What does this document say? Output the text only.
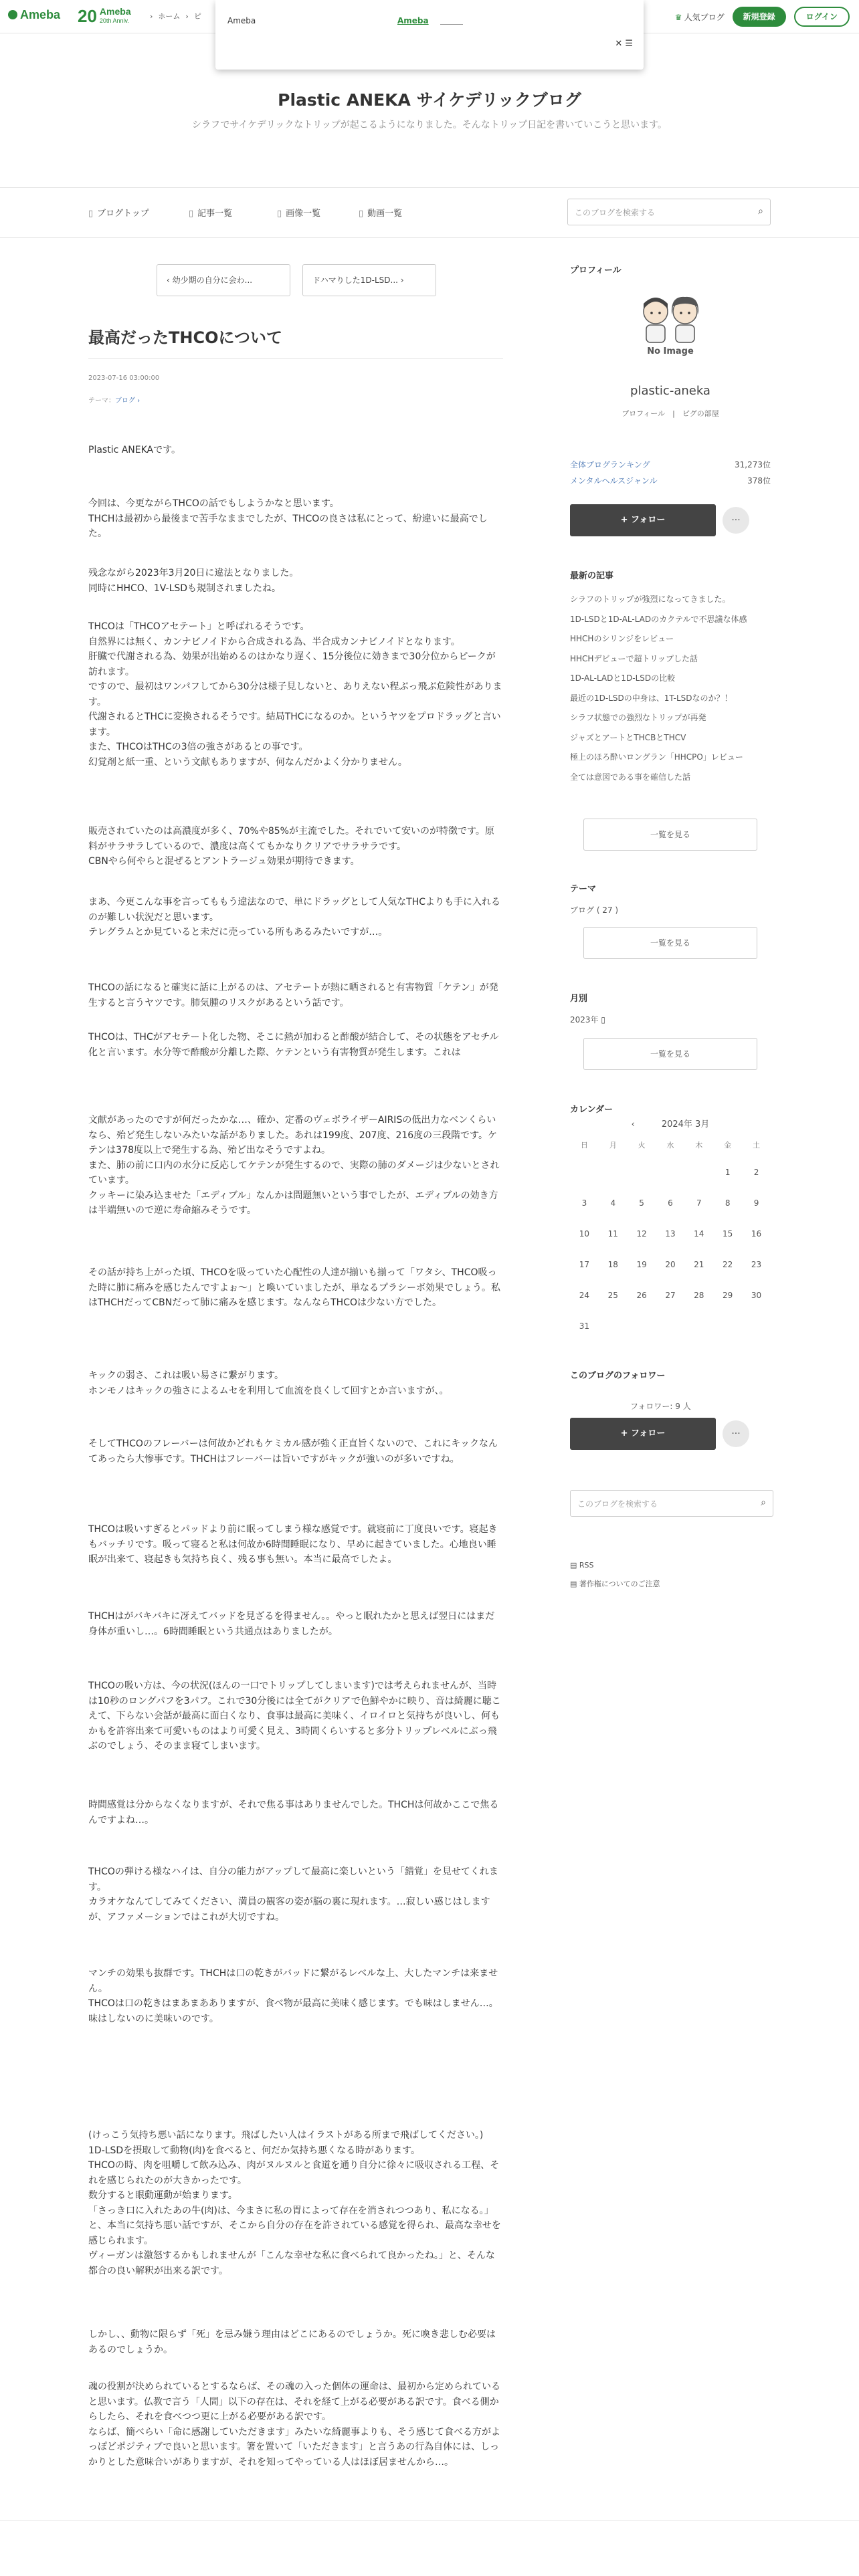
Ameba 20 Ameba
20th Anniv.	› ホーム › ピ	♛ 人気ブログ	新規登録	ログイン
Ameba	Ameba
✕ ☰
Plastic ANEKA サイケデリックブログ
シラフでサイケデリックなトリップが起こるようになりました。そんなトリップ日記を書いていこうと思います。
▯ ブログトップ	▯ 記事一覧	▯ 画像一覧	▯ 動画一覧	このブログを検索する	⌕
‹ 幼少期の自分に会わ...	ドハマりした1D-LSD... ›
最高だったTHCOについて
2023-07-16 03:00:00
テーマ：ブログ ›

Plastic ANEKAです。

今回は、今更ながらTHCOの話でもしようかなと思います。
THCHは最初から最後まで苦手なままでしたが、THCOの良さは私にとって、紛違いに最高でした。

残念ながら2023年3月20日に違法となりました。
同時にHHCO、1V-LSDも規制されましたね。

THCOは「THCOアセテート」と呼ばれるそうです。
自然界には無く、カンナビノイドから合成される為、半合成カンナビノイドとなります。
肝臓で代謝される為、効果が出始めるのはかなり遅く、15分後位に効きまで30分位からピークが訪れます。
ですので、最初はワンパフしてから30分は様子見しないと、ありえない程ぶっ飛ぶ危険性があります。
代謝されるとTHCに変換されるそうです。結局THCになるのか。というヤツをプロドラッグと言います。
また、THCOはTHCの3倍の強さがあるとの事です。
幻覚剤と紙一重、という文献もありますが、何なんだかよく分かりません。

販売されていたのは高濃度が多く、70%や85%が主流でした。それでいて安いのが特徴です。原料がサラサラしているので、濃度は高くてもかなりクリアでサラサラです。
CBNやら何やらと混ぜるとアントラージュ効果が期待できます。

まあ、今更こんな事を言ってももう違法なので、単にドラッグとして人気なTHCよりも手に入れるのが難しい状況だと思います。
テレグラムとか見ていると未だに売っている所もあるみたいですが…。

THCOの話になると確実に話に上がるのは、アセテートが熱に晒されると有害物質「ケテン」が発生すると言うヤツです。肺気腫のリスクがあるという話です。

THCOは、THCがアセテート化した物、そこに熱が加わると酢酸が結合して、その状態をアセチル化と言います。水分等で酢酸が分離した際、ケテンという有害物質が発生します。これは

文献があったのですが何だったかな…、確か、定番のヴェポライザーAIRISの低出力なベンくらいなら、殆ど発生しないみたいな話がありました。あれは199度、207度、216度の三段階です。ケテンは378度以上で発生する為、殆ど出なそうですよね。
また、肺の前に口内の水分に反応してケテンが発生するので、実際の肺のダメージは少ないとされています。
クッキーに染み込ませた「エディブル」なんかは問題無いという事でしたが、エディブルの効き方は半端無いので逆に寿命縮みそうです。

その話が持ち上がった頃、THCOを吸っていた心配性の人達が揃いも揃って「ワタシ、THCO吸った時に肺に痛みを感じたんですよぉ～」と喚いていましたが、単なるプラシーボ効果でしょう。私はTHCHだってCBNだって肺に痛みを感じます。なんならTHCOは少ない方でした。

キックの弱さ、これは吸い易さに繋がります。
ホンモノはキックの強さによるムセを利用して血流を良くして回すとか言いますが、。

そしてTHCOのフレーバーは何故かどれもケミカル感が強く正直旨くないので、これにキックなんてあったら大惨事です。THCHはフレーバーは旨いですがキックが強いのが多いですね。

THCOは吸いすぎるとパッドより前に眠ってしまう様な感覚です。就寝前に丁度良いです。寝起きもバッチリです。吸って寝ると私は何故か6時間睡眠になり、早めに起きていました。心地良い睡眠が出来て、寝起きも気持ち良く、残る事も無い。本当に最高でしたよ。

THCHはがバキバキに冴えてバッドを見ざるを得ません。。やっと眠れたかと思えば翌日にはまだ身体が重いし…。6時間睡眠という共通点はありましたが。

THCOの吸い方は、今の状況(ほんの一口でトリップしてしまいます)では考えられませんが、当時は10秒のロングパフを3パフ。これで30分後には全てがクリアで色鮮やかに映り、音は綺麗に聴こえて、下らない会話が最高に面白くなり、食事は最高に美味く、イロイロと気持ちが良いし、何もかもを許容出来て可愛いものはより可愛く見え、3時間くらいすると多分トリップレベルにぶっ飛ぶのでしょう、そのまま寝てしまいます。

時間感覚は分からなくなりますが、それで焦る事はありませんでした。THCHは何故かここで焦るんですよね…。

THCOの弾ける様なハイは、自分の能力がアップして最高に楽しいという「錯覚」を見せてくれます。
カラオケなんてしてみてください、満員の観客の姿が脳の裏に現れます。…寂しい感じはしますが、アファメーションではこれが大切ですね。

マンチの効果も抜群です。THCHは口の乾きがバッドに繋がるレベルな上、大したマンチは来ません。
THCOは口の乾きはまあまあありますが、食べ物が最高に美味く感じます。でも味はしません…。味はしないのに美味いのです。

(けっこう気持ち悪い話になります。飛ばしたい人はイラストがある所まで飛ばしてください。)
1D-LSDを摂取して動物(肉)を食べると、何だか気持ち悪くなる時があります。
THCOの時、肉を咀嚼して飲み込み、肉がヌルヌルと食道を通り自分に徐々に吸収される工程、それを感じられたのが大きかったです。
数分すると眼動運動が始まります。
「さっき口に入れたあの牛(肉)は、今まさに私の胃によって存在を消されつつあり、私になる。」と、本当に気持ち悪い話ですが、そこから自分の存在を許されている感覚を得られ、最高な幸せを感じられます。
ヴィーガンは激怒するかもしれませんが「こんな幸せな私に食べられて良かったね。」と、そんな都合の良い解釈が出来る訳です。

しかし、、動物に限らず「死」を忌み嫌う理由はどこにあるのでしょうか。死に喚き悲しむ必要はあるのでしょうか。

魂の役割が決められているとするならば、その魂の入った個体の運命は、最初から定められていると思います。仏教で言う「人間」以下の存在は、それを経て上がる必要がある訳です。食べる側からしたら、それを食べつつ更に上がる必要がある訳です。
ならば、簡べらい「命に感謝していただきます」みたいな綺麗事よりも、そう感じて食べる方がよっぽどポジティブで良いと思います。箸を置いて「いただきます」と言うあの行為自体には、しっかりとした意味合いがありますが、それを知ってやっている人はほぼ居ませんから…。

プロフィール
No Image
plastic-aneka
プロフィール　|　ピグの部屋
全体ブログランキング	31,273位
メンタルヘルスジャンル	378位
+ フォロー	···
最新の記事
シラフのトリップが強烈になってきました。
1D-LSDと1D-AL-LADのカクテルで不思議な体感
HHCHのシリンジをレビュー
HHCHデビューで超トリップした話
1D-AL-LADと1D-LSDの比較
最近の1D-LSDの中身は、1T-LSDなのか？！
シラフ状態での強烈なトリップが再発
ジャズとアートとTHCBとTHCV
極上のほろ酔いロングラン「HHCPO」レビュー
全ては意図である事を確信した話
一覧を見る
テーマ
ブログ ( 27 )
一覧を見る
月別
2023年 ▯
一覧を見る
カレンダー
‹	2024年 3月
日	月	火	水	木	金	土
					1	2
3	4	5	6	7	8	9
10	11	12	13	14	15	16
17	18	19	20	21	22	23
24	25	26	27	28	29	30
31						
このブログのフォロワー
フォロワー: 9 人
+ フォロー	···
このブログを検索する	⌕
▤ RSS
▤ 著作権についてのご注意
